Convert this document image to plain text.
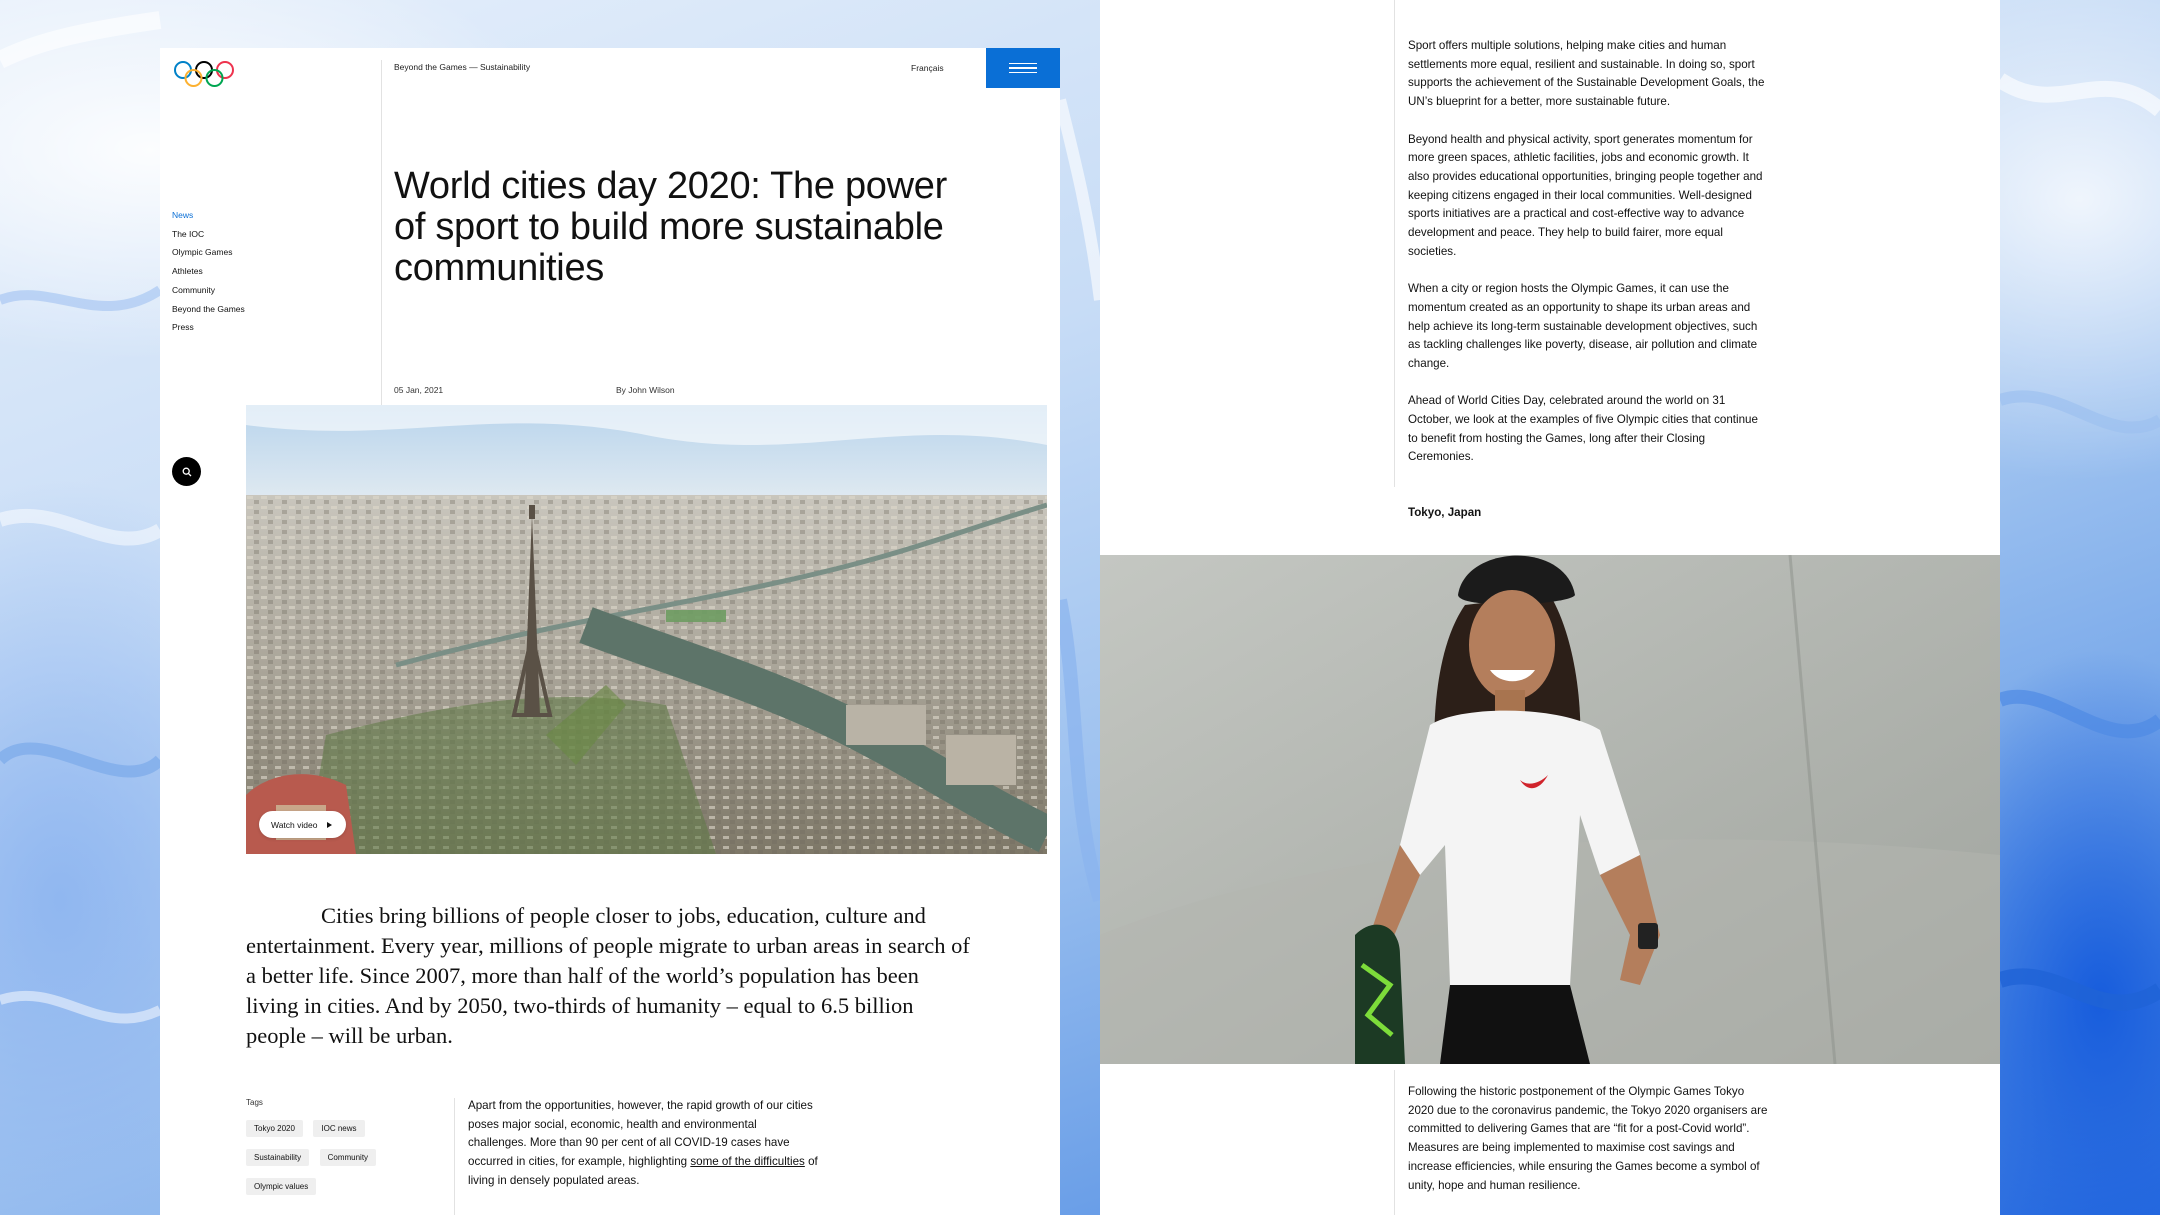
Beyond the Games — Sustainability	Français
News
The IOC
Olympic Games
Athletes
Community
Beyond the Games
Press
World cities day 2020: The power of sport to build more sustainable communities
05 Jan, 2021	By John Wilson
Watch video

Cities bring billions of people closer to jobs, education, culture and entertainment. Every year, millions of people migrate to urban areas in search of a better life. Since 2007, more than half of the world’s population has been living in cities. And by 2050, two-thirds of humanity – equal to 6.5 billion people – will be urban.

Tags
Tokyo 2020	IOC news Sustainability	Community Olympic values

Apart from the opportunities, however, the rapid growth of our cities poses major social, economic, health and environmental challenges. More than 90 per cent of all COVID-19 cases have occurred in cities, for example, highlighting some of the difficulties of living in densely populated areas.

Sport offers multiple solutions, helping make cities and human settlements more equal, resilient and sustainable. In doing so, sport supports the achievement of the Sustainable Development Goals, the UN’s blueprint for a better, more sustainable future.

Beyond health and physical activity, sport generates momentum for more green spaces, athletic facilities, jobs and economic growth. It also provides educational opportunities, bringing people together and keeping citizens engaged in their local communities. Well-designed sports initiatives are a practical and cost-effective way to advance development and peace. They help to build fairer, more equal societies.

When a city or region hosts the Olympic Games, it can use the momentum created as an opportunity to shape its urban areas and help achieve its long-term sustainable development objectives, such as tackling challenges like poverty, disease, air pollution and climate change.

Ahead of World Cities Day, celebrated around the world on 31 October, we look at the examples of five Olympic cities that continue to benefit from hosting the Games, long after their Closing Ceremonies.

Tokyo, Japan

Following the historic postponement of the Olympic Games Tokyo 2020 due to the coronavirus pandemic, the Tokyo 2020 organisers are committed to delivering Games that are “fit for a post-Covid world”. Measures are being implemented to maximise cost savings and increase efficiencies, while ensuring the Games become a symbol of unity, hope and human resilience.
